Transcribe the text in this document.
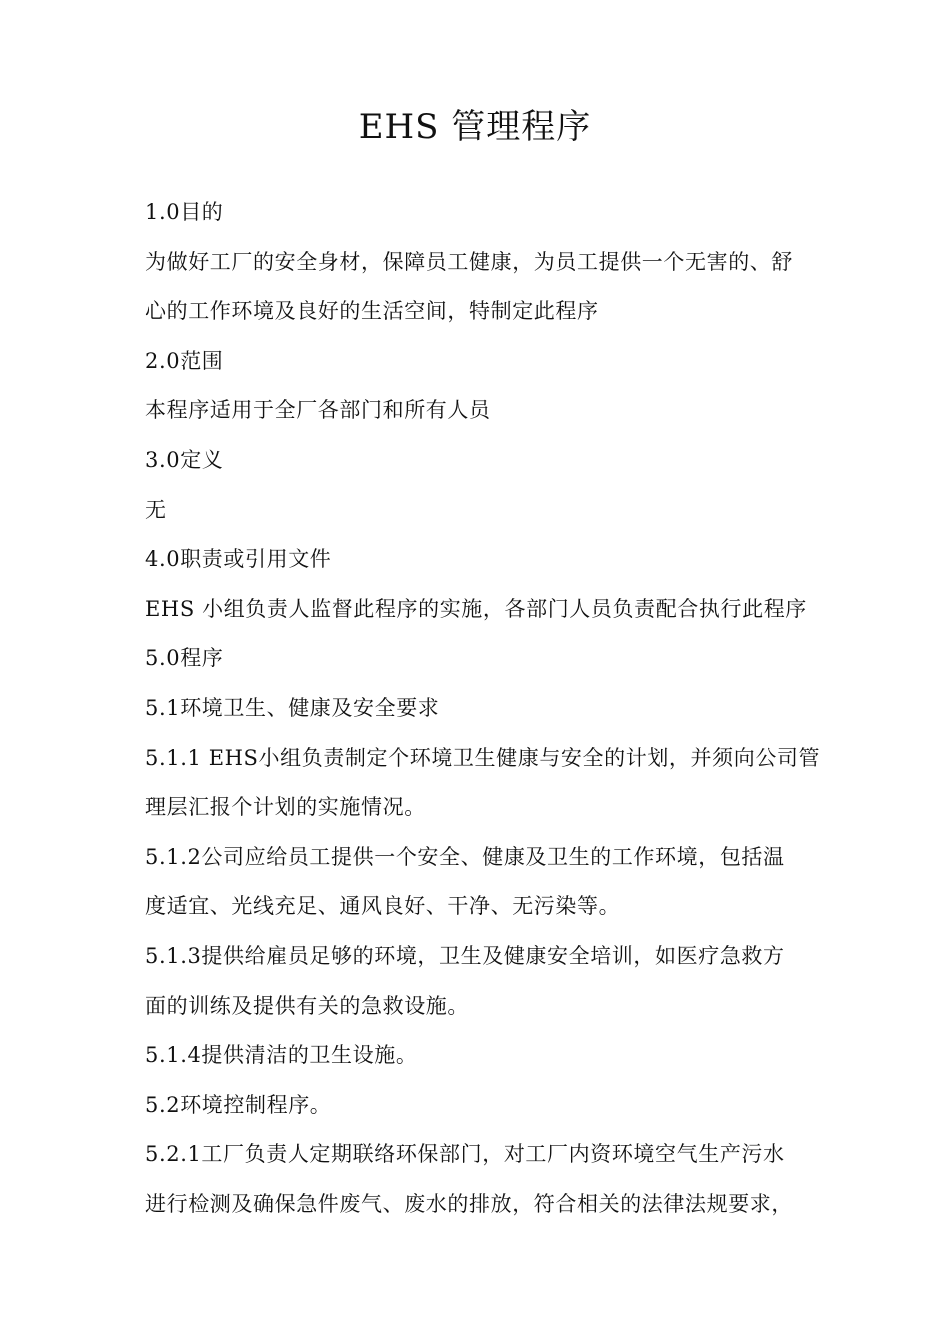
EHS 管理程序
1.0目的
为做好工厂的安全身材，保障员工健康，为员工提供一个无害的、舒
心的工作环境及良好的生活空间，特制定此程序
2.0范围
本程序适用于全厂各部门和所有人员
3.0定义
无
4.0职责或引用文件
EHS 小组负责人监督此程序的实施，各部门人员负责配合执行此程序
5.0程序
5.1环境卫生、健康及安全要求
5.1.1 EHS小组负责制定个环境卫生健康与安全的计划，并须向公司管
理层汇报个计划的实施情况。
5.1.2公司应给员工提供一个安全、健康及卫生的工作环境，包括温
度适宜、光线充足、通风良好、干净、无污染等。
5.1.3提供给雇员足够的环境，卫生及健康安全培训，如医疗急救方
面的训练及提供有关的急救设施。
5.1.4提供清洁的卫生设施。
5.2环境控制程序。
5.2.1工厂负责人定期联络环保部门，对工厂内资环境空气生产污水
进行检测及确保急件废气、废水的排放，符合相关的法律法规要求，
